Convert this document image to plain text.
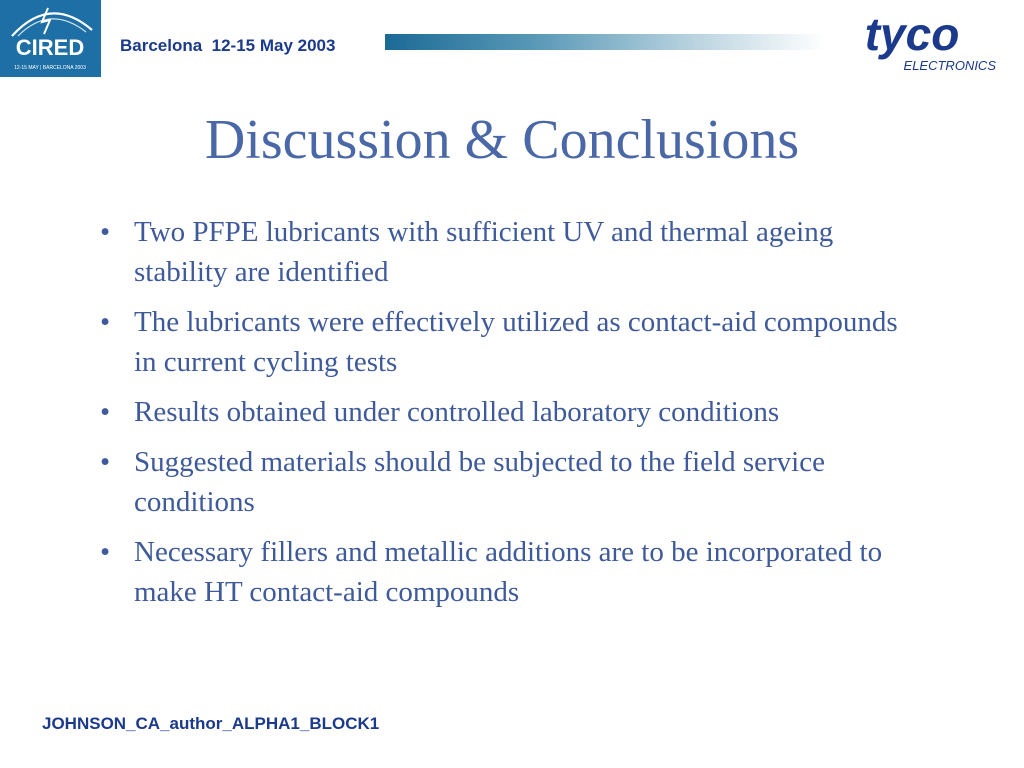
CIRED
12-15 MAY | BARCELONA 2003
Barcelona  12-15 May 2003	tyco
ELECTRONICS
Discussion & Conclusions
• Two PFPE lubricants with sufficient UV and thermal ageing stability are identified
• The lubricants were effectively utilized as contact-aid compounds in current cycling tests
• Results obtained under controlled laboratory conditions
• Suggested materials should be subjected to the field service conditions
• Necessary fillers and metallic additions are to be incorporated to make HT contact-aid compounds
JOHNSON_CA_author_ALPHA1_BLOCK1
